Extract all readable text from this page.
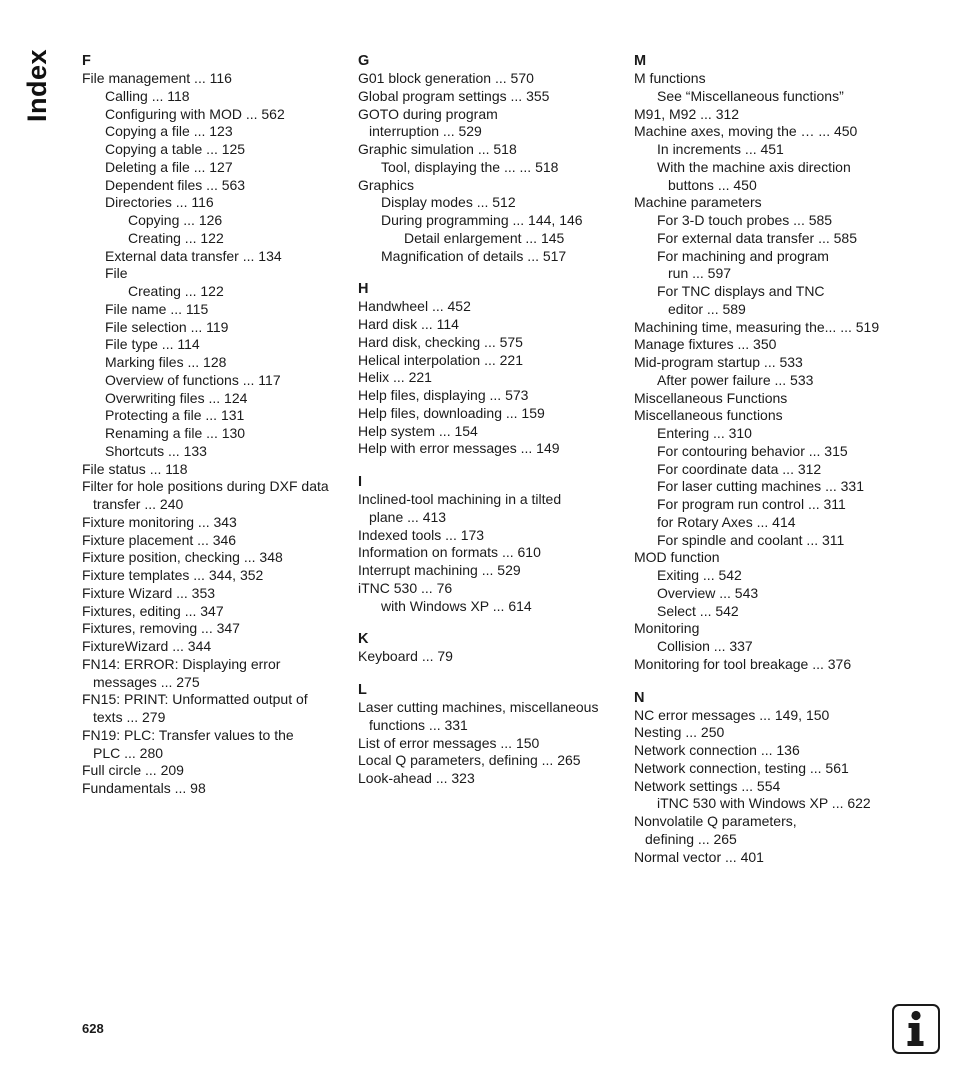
Index F
File management ... 116
Calling ... 118
Configuring with MOD ... 562
Copying a file ... 123
Copying a table ... 125
Deleting a file ... 127
Dependent files ... 563
Directories ... 116
Copying ... 126
Creating ... 122
External data transfer ... 134
File
Creating ... 122
File name ... 115
File selection ... 119
File type ... 114
Marking files ... 128
Overview of functions ... 117
Overwriting files ... 124
Protecting a file ... 131
Renaming a file ... 130
Shortcuts ... 133
File status ... 118
Filter for hole positions during DXF data
transfer ... 240
Fixture monitoring ... 343
Fixture placement ... 346
Fixture position, checking ... 348
Fixture templates ... 344, 352
Fixture Wizard ... 353
Fixtures, editing ... 347
Fixtures, removing ... 347
FixtureWizard ... 344
FN14: ERROR: Displaying error
messages ... 275
FN15: PRINT: Unformatted output of
texts ... 279
FN19: PLC: Transfer values to the
PLC ... 280
Full circle ... 209
Fundamentals ... 98
G
G01 block generation ... 570
Global program settings ... 355
GOTO during program
interruption ... 529
Graphic simulation ... 518
Tool, displaying the ... ... 518
Graphics
Display modes ... 512
During programming ... 144, 146
Detail enlargement ... 145
Magnification of details ... 517
H
Handwheel ... 452
Hard disk ... 114
Hard disk, checking ... 575
Helical interpolation ... 221
Helix ... 221
Help files, displaying ... 573
Help files, downloading ... 159
Help system ... 154
Help with error messages ... 149
I
Inclined-tool machining in a tilted
plane ... 413
Indexed tools ... 173
Information on formats ... 610
Interrupt machining ... 529
iTNC 530 ... 76
with Windows XP ... 614
K
Keyboard ... 79
L
Laser cutting machines, miscellaneous
functions ... 331
List of error messages ... 150
Local Q parameters, defining ... 265
Look-ahead ... 323
M
M functions
See “Miscellaneous functions”
M91, M92 ... 312
Machine axes, moving the … ... 450
In increments ... 451
With the machine axis direction
buttons ... 450
Machine parameters
For 3-D touch probes ... 585
For external data transfer ... 585
For machining and program
run ... 597
For TNC displays and TNC
editor ... 589
Machining time, measuring the... ... 519
Manage fixtures ... 350
Mid-program startup ... 533
After power failure ... 533
Miscellaneous Functions
Miscellaneous functions
Entering ... 310
For contouring behavior ... 315
For coordinate data ... 312
For laser cutting machines ... 331
For program run control ... 311
for Rotary Axes ... 414
For spindle and coolant ... 311
MOD function
Exiting ... 542
Overview ... 543
Select ... 542
Monitoring
Collision ... 337
Monitoring for tool breakage ... 376
N
NC error messages ... 149, 150
Nesting ... 250
Network connection ... 136
Network connection, testing ... 561
Network settings ... 554
iTNC 530 with Windows XP ... 622
Nonvolatile Q parameters,
defining ... 265
Normal vector ... 401
628
